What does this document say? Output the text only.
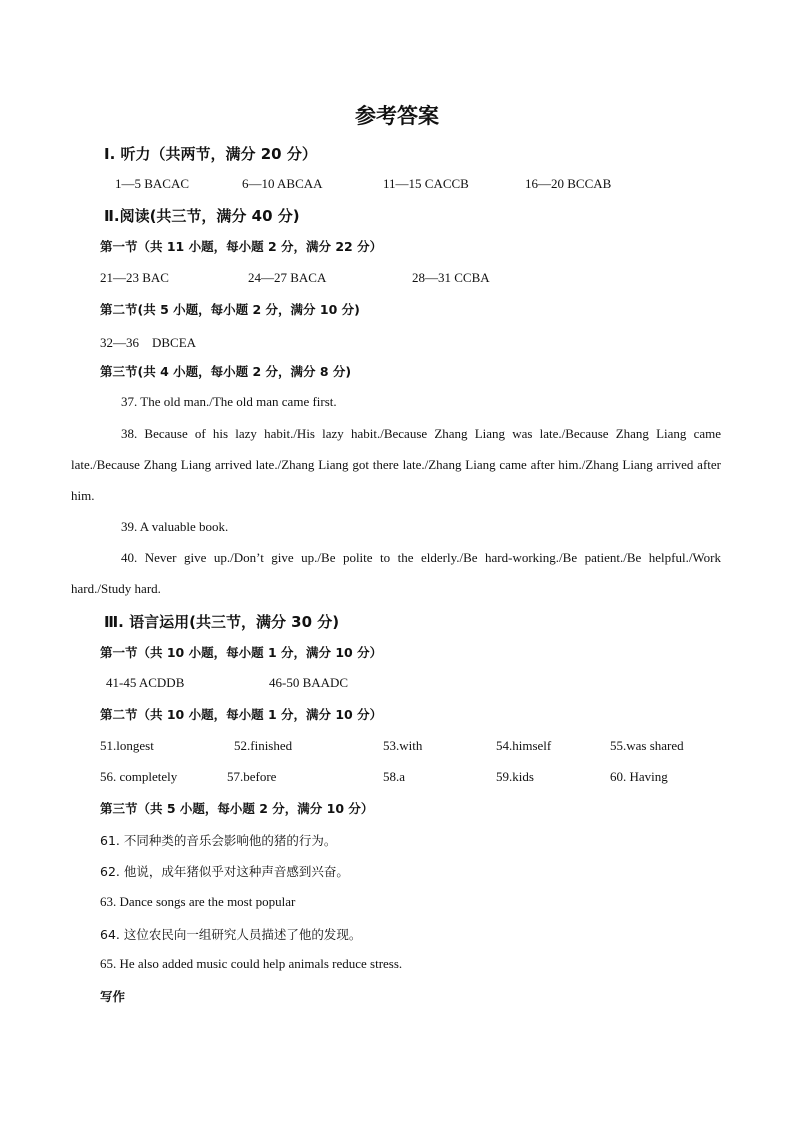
参考答案
Ⅰ. 听力（共两节，满分 20 分）
1—5 BACAC	6—10 ABCAA	11—15 CACCB	16—20 BCCAB
Ⅱ.阅读(共三节，满分 40 分)
第一节（共 11 小题，每小题 2 分，满分 22 分）
21—23 BAC	24—27 BACA	28—31 CCBA
第二节(共 5 小题，每小题 2 分，满分 10 分)
32—36　DBCEA
第三节(共 4 小题，每小题 2 分，满分 8 分)
37. The old man./The old man came first.
38. Because of his lazy habit./His lazy habit./Because Zhang Liang was late./Because Zhang Liang came late./Because Zhang Liang arrived late./Zhang Liang got there late./Zhang Liang came after him./Zhang Liang arrived after him.
39. A valuable book.
40. Never give up./Don’t give up./Be polite to the elderly./Be hard-working./Be patient./Be helpful./Work hard./Study hard.
Ⅲ. 语言运用(共三节，满分 30 分)
第一节（共 10 小题，每小题 1 分，满分 10 分）
41-45 ACDDB	46-50 BAADC
第二节（共 10 小题，每小题 1 分，满分 10 分）
51.longest	52.finished	53.with	54.himself	55.was shared
56. completely	57.before	58.a	59.kids	60. Having
第三节（共 5 小题，每小题 2 分，满分 10 分）
61. 不同种类的音乐会影响他的猪的行为。
62. 他说，成年猪似乎对这种声音感到兴奋。
63. Dance songs are the most popular
64. 这位农民向一组研究人员描述了他的发现。
65. He also added music could help animals reduce stress.
写作
